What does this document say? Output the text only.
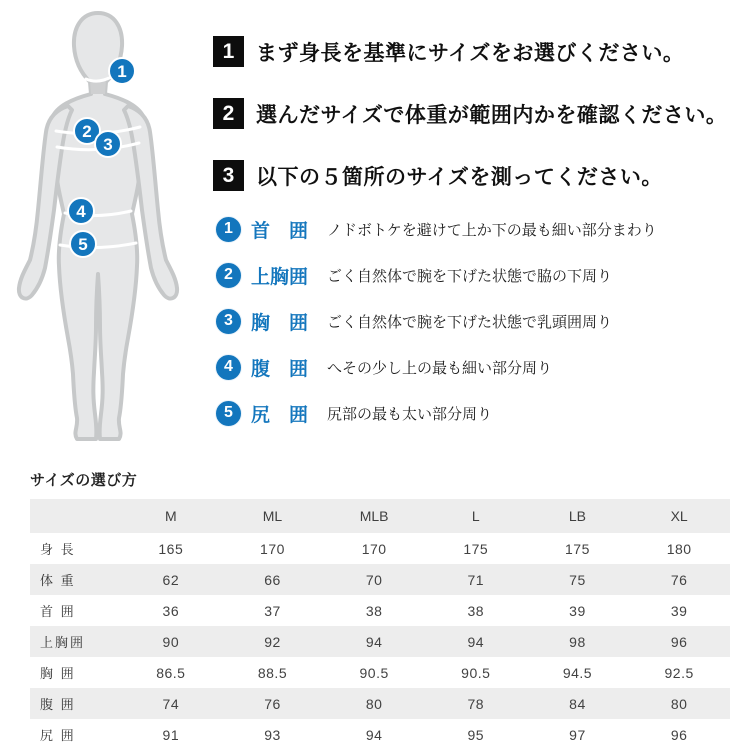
1
2
3
4
5
1	まず身長を基準にサイズをお選びください。
2	選んだサイズで体重が範囲内かを確認ください。
3	以下の５箇所のサイズを測ってください。
1 首　囲	ノドボトケを避けて上か下の最も細い部分まわり
2 上胸囲	ごく自然体で腕を下げた状態で脇の下周り
3 胸　囲	ごく自然体で腕を下げた状態で乳頭囲周り
4 腹　囲	へその少し上の最も細い部分周り
5 尻　囲	尻部の最も太い部分周り
サイズの選び方
	M	ML	MLB	L	LB	XL
身 長	165	170	170	175	175	180
体 重	62	66	70	71	75	76
首 囲	36	37	38	38	39	39
上胸囲	90	92	94	94	98	96
胸 囲	86.5	88.5	90.5	90.5	94.5	92.5
腹 囲	74	76	80	78	84	80
尻 囲	91	93	94	95	97	96
